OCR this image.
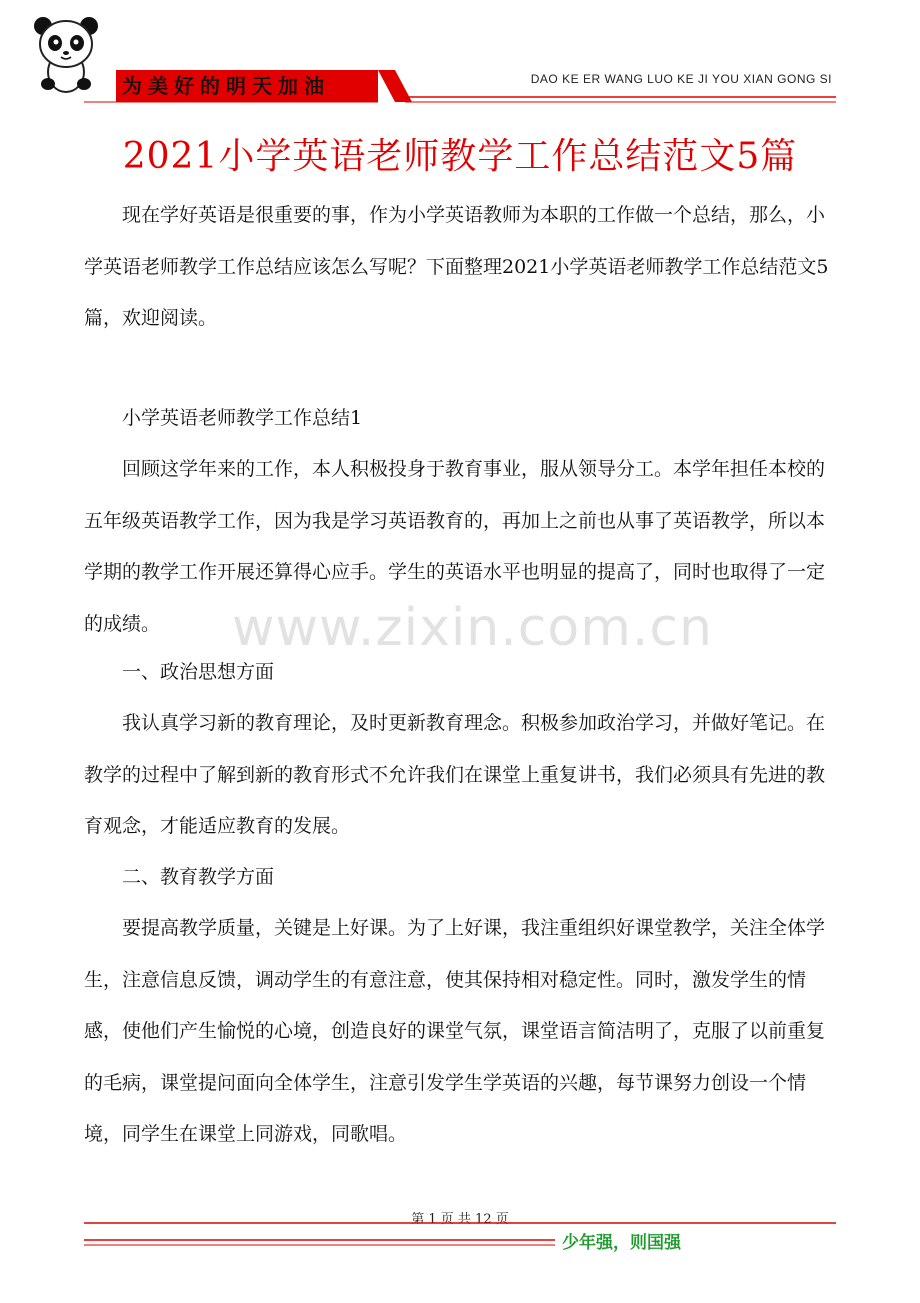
为美好的明天加油	DAO KE ER WANG LUO KE JI YOU XIAN GONG SI
2021小学英语老师教学工作总结范文5篇

现在学好英语是很重要的事，作为小学英语教师为本职的工作做一个总结，那么，小学英语老师教学工作总结应该怎么写呢？下面整理2021小学英语老师教学工作总结范文5篇，欢迎阅读。

小学英语老师教学工作总结1

回顾这学年来的工作，本人积极投身于教育事业，服从领导分工。本学年担任本校的五年级英语教学工作，因为我是学习英语教育的，再加上之前也从事了英语教学，所以本学期的教学工作开展还算得心应手。学生的英语水平也明显的提高了，同时也取得了一定的成绩。

一、政治思想方面

我认真学习新的教育理论，及时更新教育理念。积极参加政治学习，并做好笔记。在教学的过程中了解到新的教育形式不允许我们在课堂上重复讲书，我们必须具有先进的教育观念，才能适应教育的发展。

二、教育教学方面

要提高教学质量，关键是上好课。为了上好课，我注重组织好课堂教学，关注全体学生，注意信息反馈，调动学生的有意注意，使其保持相对稳定性。同时，激发学生的情感，使他们产生愉悦的心境，创造良好的课堂气氛，课堂语言简洁明了，克服了以前重复的毛病，课堂提问面向全体学生，注意引发学生学英语的兴趣，每节课努力创设一个情境，同学生在课堂上同游戏，同歌唱。

www.zixin.com.cn
第 1 页 共 12 页
少年强，则国强
